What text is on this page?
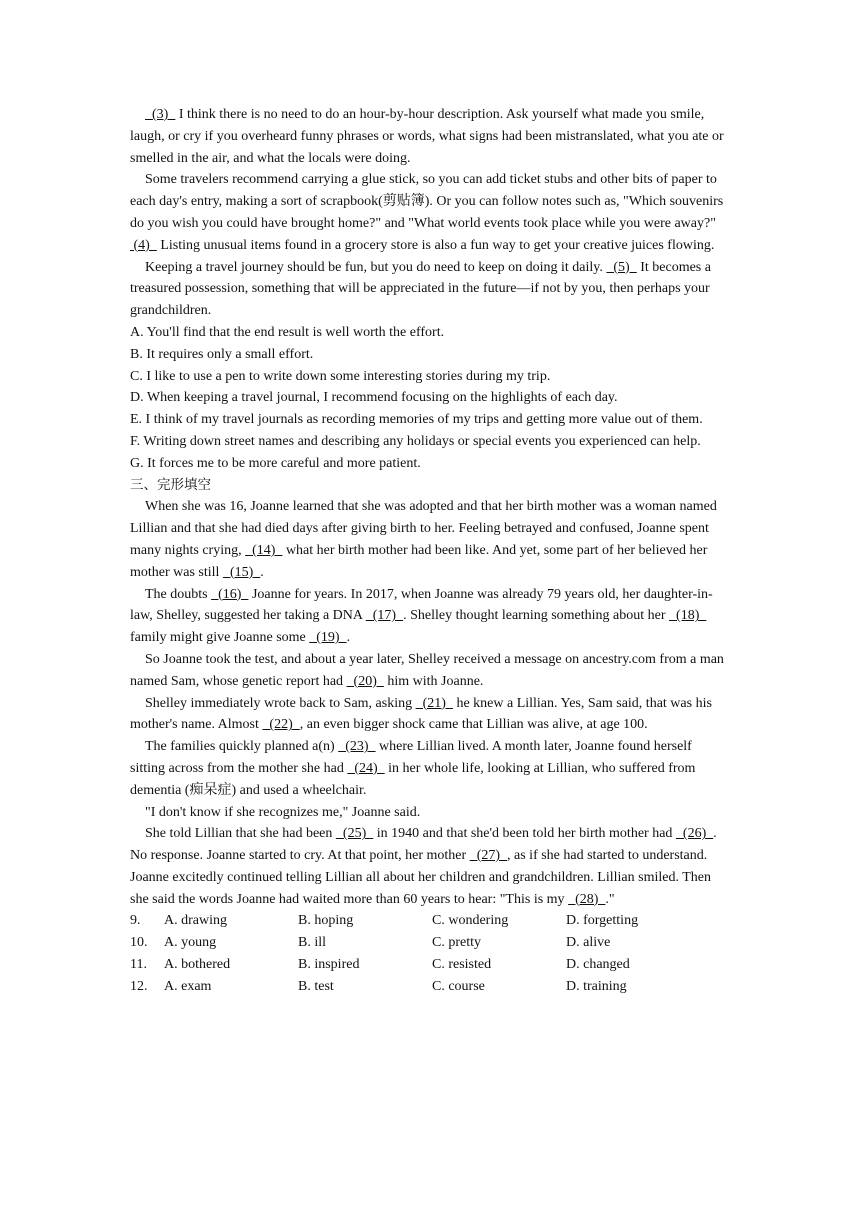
(3)   I think there is no need to do an hour-by-hour description. Ask yourself what made you smile, laugh, or cry if you overheard funny phrases or words, what signs had been mistranslated, what you ate or smelled in the air, and what the locals were doing.

Some travelers recommend carrying a glue stick, so you can add ticket stubs and other bits of paper to each day's entry, making a sort of scrapbook(剪贴簿). Or you can follow notes such as, "Which souvenirs do you wish you could have brought home?" and "What world events took place while you were away?"  (4)   Listing unusual items found in a grocery store is also a fun way to get your creative juices flowing.

Keeping a travel journey should be fun, but you do need to keep on doing it daily.   (5)   It becomes a treasured possession, something that will be appreciated in the future—if not by you, then perhaps your grandchildren.

A. You'll find that the end result is well worth the effort.

B. It requires only a small effort.

C. I like to use a pen to write down some interesting stories during my trip.

D. When keeping a travel journal, I recommend focusing on the highlights of each day.

E. I think of my travel journals as recording memories of my trips and getting more value out of them.

F. Writing down street names and describing any holidays or special events you experienced can help.

G. It forces me to be more careful and more patient.

三、完形填空

When she was 16, Joanne learned that she was adopted and that her birth mother was a woman named Lillian and that she had died days after giving birth to her. Feeling betrayed and confused, Joanne spent many nights crying,   (14)   what her birth mother had been like. And yet, some part of her believed her mother was still   (15)  .

The doubts   (16)   Joanne for years. In 2017, when Joanne was already 79 years old, her daughter-in-law, Shelley, suggested her taking a DNA   (17)  . Shelley thought learning something about her   (18)   family might give Joanne some   (19)  .

So Joanne took the test, and about a year later, Shelley received a message on ancestry.com from a man named Sam, whose genetic report had   (20)   him with Joanne.

Shelley immediately wrote back to Sam, asking   (21)   he knew a Lillian. Yes, Sam said, that was his mother's name. Almost   (22)  , an even bigger shock came that Lillian was alive, at age 100.

The families quickly planned a(n)   (23)   where Lillian lived. A month later, Joanne found herself sitting across from the mother she had   (24)   in her whole life, looking at Lillian, who suffered from dementia (痴呆症) and used a wheelchair.

"I don't know if she recognizes me," Joanne said.

She told Lillian that she had been   (25)   in 1940 and that she'd been told her birth mother had   (26)  . No response. Joanne started to cry. At that point, her mother   (27)  , as if she had started to understand. Joanne excitedly continued telling Lillian all about her children and grandchildren. Lillian smiled. Then she said the words Joanne had waited more than 60 years to hear: "This is my   (28)  ."

9.	A. drawing	B. hoping	C. wondering	D. forgetting
10.	A. young	B. ill	C. pretty	D. alive
11.	A. bothered	B. inspired	C. resisted	D. changed
12.	A. exam	B. test	C. course	D. training
